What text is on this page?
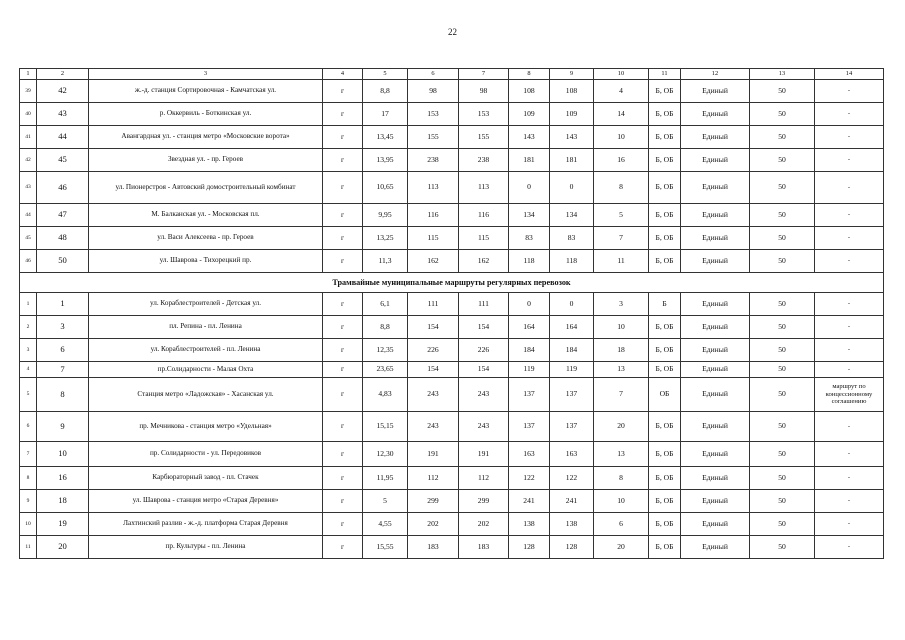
22
1	2	3	4	5	6	7	8	9	10	11	12	13	14
39	42	ж.-д. станция Сортировочная - Камчатская ул.	г	8,8	98	98	108	108	4	Б, ОБ	Единый	50	-
40	43	р. Оккервиль - Боткинская ул.	г	17	153	153	109	109	14	Б, ОБ	Единый	50	-
41	44	Авангардная ул. - станция метро «Московские ворота»	г	13,45	155	155	143	143	10	Б, ОБ	Единый	50	-
42	45	Звездная ул. - пр. Героев	г	13,95	238	238	181	181	16	Б, ОБ	Единый	50	-
43	46	ул. Пионерстроя - Автовский домостроительный комбинат	г	10,65	113	113	0	0	8	Б, ОБ	Единый	50	-
44	47	М. Балканская ул. - Московская пл.	г	9,95	116	116	134	134	5	Б, ОБ	Единый	50	-
45	48	ул. Васи Алексеева - пр. Героев	г	13,25	115	115	83	83	7	Б, ОБ	Единый	50	-
46	50	ул. Шаврова - Тихорецкий пр.	г	11,3	162	162	118	118	11	Б, ОБ	Единый	50	-
Трамвайные муниципальные маршруты регулярных перевозок													
1	1	ул. Кораблестроителей - Детская ул.	г	6,1	111	111	0	0	3	Б	Единый	50	-
2	3	пл. Репина - пл. Ленина	г	8,8	154	154	164	164	10	Б, ОБ	Единый	50	-
3	6	ул. Кораблестроителей - пл. Ленина	г	12,35	226	226	184	184	18	Б, ОБ	Единый	50	-
4	7	пр.Солидарности - Малая Охта	г	23,65	154	154	119	119	13	Б, ОБ	Единый	50	-
5	8	Станция метро «Ладожская» - Хасанская ул.	г	4,83	243	243	137	137	7	ОБ	Единый	50	маршрут по концессионному соглашению
6	9	пр. Мечникова - станция метро «Удельная»	г	15,15	243	243	137	137	20	Б, ОБ	Единый	50	-
7	10	пр. Солидарности - ул. Передовиков	г	12,30	191	191	163	163	13	Б, ОБ	Единый	50	-
8	16	Карбюраторный завод - пл. Стачек	г	11,95	112	112	122	122	8	Б, ОБ	Единый	50	-
9	18	ул. Шаврова - станция метро «Старая Деревня»	г	5	299	299	241	241	10	Б, ОБ	Единый	50	-
10	19	Лахтинский разлив - ж.-д. платформа Старая Деревня	г	4,55	202	202	138	138	6	Б, ОБ	Единый	50	-
11	20	пр. Культуры - пл. Ленина	г	15,55	183	183	128	128	20	Б, ОБ	Единый	50	-
